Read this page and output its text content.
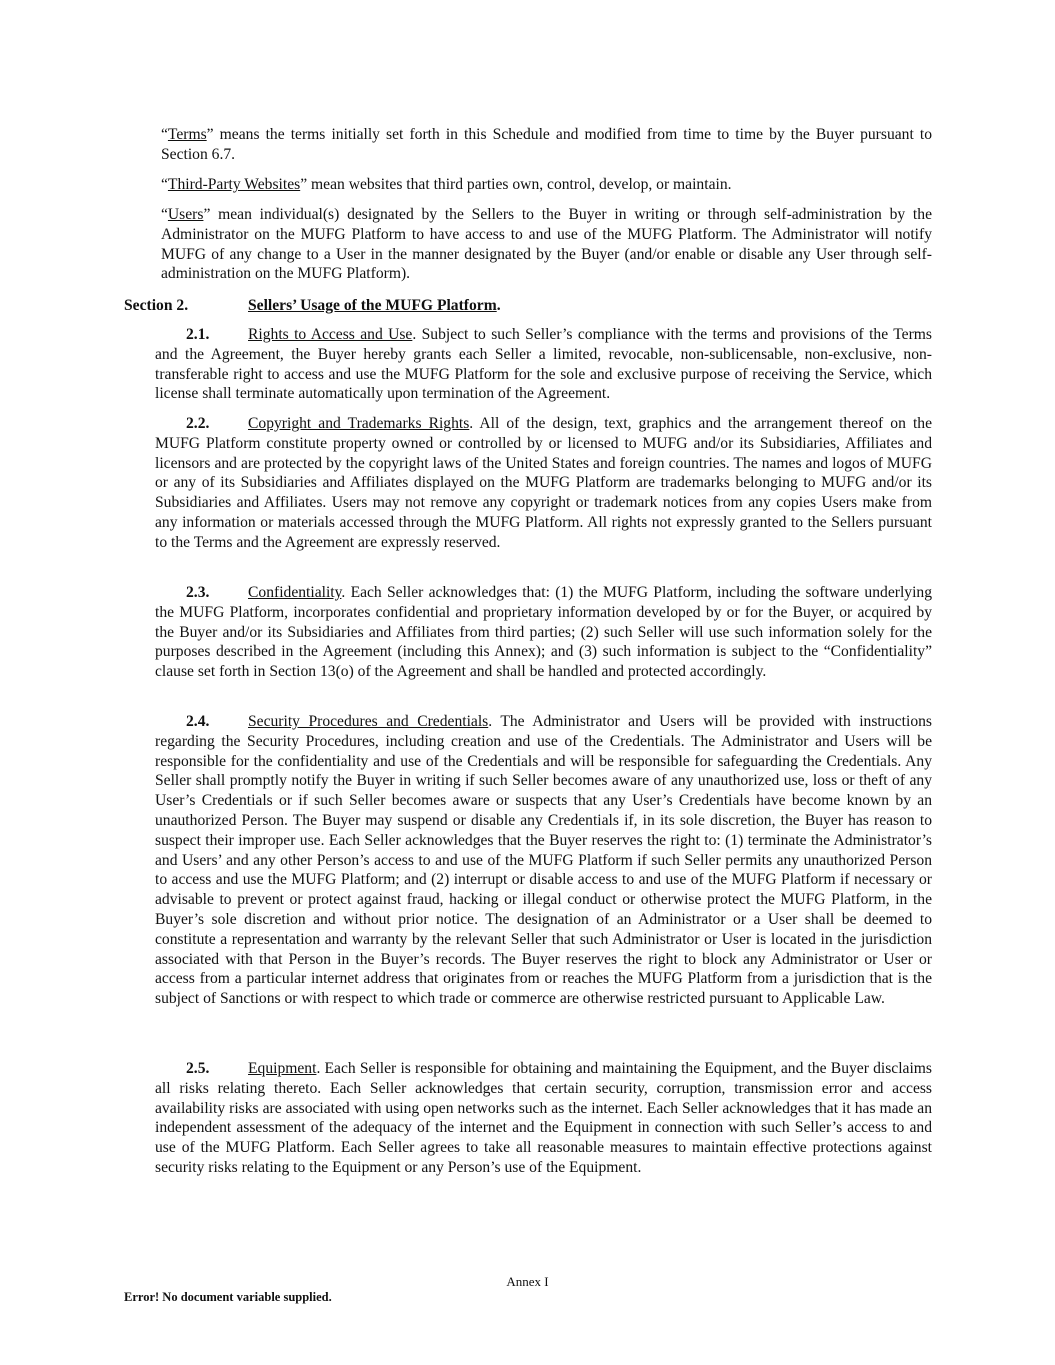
“Terms” means the terms initially set forth in this Schedule and modified from time to time by the Buyer pursuant to Section 6.7.

“Third-Party Websites” mean websites that third parties own, control, develop, or maintain.

“Users” mean individual(s) designated by the Sellers to the Buyer in writing or through self-administration by the Administrator on the MUFG Platform to have access to and use of the MUFG Platform. The Administrator will notify MUFG of any change to a User in the manner designated by the Buyer (and/or enable or disable any User through self-administration on the MUFG Platform).

Section 2.	Sellers’ Usage of the MUFG Platform.

2.1. Rights to Access and Use. Subject to such Seller’s compliance with the terms and provisions of the Terms and the Agreement, the Buyer hereby grants each Seller a limited, revocable, non-sublicensable, non-exclusive, non-transferable right to access and use the MUFG Platform for the sole and exclusive purpose of receiving the Service, which license shall terminate automatically upon termination of the Agreement.

2.2. Copyright and Trademarks Rights. All of the design, text, graphics and the arrangement thereof on the MUFG Platform constitute property owned or controlled by or licensed to MUFG and/or its Subsidiaries, Affiliates and licensors and are protected by the copyright laws of the United States and foreign countries. The names and logos of MUFG or any of its Subsidiaries and Affiliates displayed on the MUFG Platform are trademarks belonging to MUFG and/or its Subsidiaries and Affiliates. Users may not remove any copyright or trademark notices from any copies Users make from any information or materials accessed through the MUFG Platform. All rights not expressly granted to the Sellers pursuant to the Terms and the Agreement are expressly reserved.

2.3. Confidentiality. Each Seller acknowledges that: (1) the MUFG Platform, including the software underlying the MUFG Platform, incorporates confidential and proprietary information developed by or for the Buyer, or acquired by the Buyer and/or its Subsidiaries and Affiliates from third parties; (2) such Seller will use such information solely for the purposes described in the Agreement (including this Annex); and (3) such information is subject to the “Confidentiality” clause set forth in Section 13(o) of the Agreement and shall be handled and protected accordingly.

2.4. Security Procedures and Credentials. The Administrator and Users will be provided with instructions regarding the Security Procedures, including creation and use of the Credentials. The Administrator and Users will be responsible for the confidentiality and use of the Credentials and will be responsible for safeguarding the Credentials. Any Seller shall promptly notify the Buyer in writing if such Seller becomes aware of any unauthorized use, loss or theft of any User’s Credentials or if such Seller becomes aware or suspects that any User’s Credentials have become known by an unauthorized Person. The Buyer may suspend or disable any Credentials if, in its sole discretion, the Buyer has reason to suspect their improper use. Each Seller acknowledges that the Buyer reserves the right to: (1) terminate the Administrator’s and Users’ and any other Person’s access to and use of the MUFG Platform if such Seller permits any unauthorized Person to access and use the MUFG Platform; and (2) interrupt or disable access to and use of the MUFG Platform if necessary or advisable to prevent or protect against fraud, hacking or illegal conduct or otherwise protect the MUFG Platform, in the Buyer’s sole discretion and without prior notice. The designation of an Administrator or a User shall be deemed to constitute a representation and warranty by the relevant Seller that such Administrator or User is located in the jurisdiction associated with that Person in the Buyer’s records. The Buyer reserves the right to block any Administrator or User or access from a particular internet address that originates from or reaches the MUFG Platform from a jurisdiction that is the subject of Sanctions or with respect to which trade or commerce are otherwise restricted pursuant to Applicable Law.

2.5. Equipment. Each Seller is responsible for obtaining and maintaining the Equipment, and the Buyer disclaims all risks relating thereto. Each Seller acknowledges that certain security, corruption, transmission error and access availability risks are associated with using open networks such as the internet. Each Seller acknowledges that it has made an independent assessment of the adequacy of the internet and the Equipment in connection with such Seller’s access to and use of the MUFG Platform. Each Seller agrees to take all reasonable measures to maintain effective protections against security risks relating to the Equipment or any Person’s use of the Equipment.

Annex I
Error! No document variable supplied.
